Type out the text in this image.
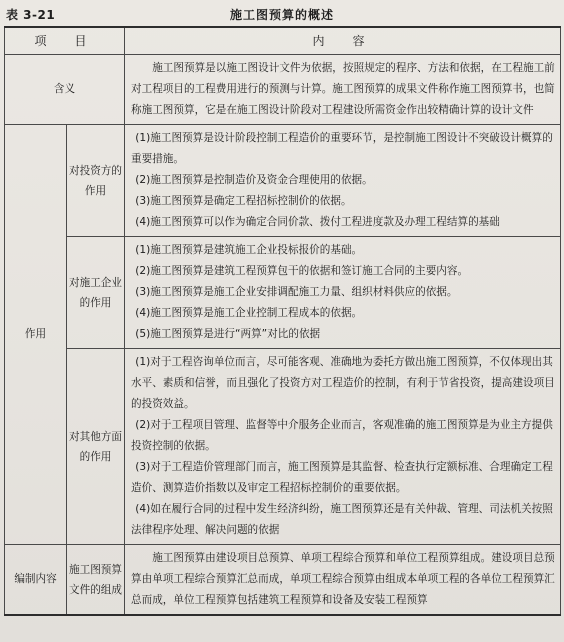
表 3-21	施工图预算的概述
项　目		内　容
含义		施工图预算是以施工图设计文件为依据，按照规定的程序、方法和依据，在工程施工前对工程项目的工程费用进行的预测与计算。施工图预算的成果文件称作施工图预算书，也简称施工图预算，它是在施工图设计阶段对工程建设所需资金作出较精确计算的设计文件

作用	对投资方的作用	(1)施工图预算是设计阶段控制工程造价的重要环节，是控制施工图设计不突破设计概算的重要措施。

(2)施工图预算是控制造价及资金合理使用的依据。

(3)施工图预算是确定工程招标控制价的依据。

(4)施工图预算可以作为确定合同价款、拨付工程进度款及办理工程结算的基础

	对施工企业的作用	(1)施工图预算是建筑施工企业投标报价的基础。

(2)施工图预算是建筑工程预算包干的依据和签订施工合同的主要内容。

(3)施工图预算是施工企业安排调配施工力量、组织材料供应的依据。

(4)施工图预算是施工企业控制工程成本的依据。

(5)施工图预算是进行“两算”对比的依据

	对其他方面的作用	(1)对于工程咨询单位而言，尽可能客观、准确地为委托方做出施工图预算，不仅体现出其水平、素质和信誉，而且强化了投资方对工程造价的控制，有利于节省投资，提高建设项目的投资效益。

(2)对于工程项目管理、监督等中介服务企业而言，客观准确的施工图预算是为业主方提供投资控制的依据。

(3)对于工程造价管理部门而言，施工图预算是其监督、检查执行定额标准、合理确定工程造价、测算造价指数以及审定工程招标控制价的重要依据。

(4)如在履行合同的过程中发生经济纠纷，施工图预算还是有关仲裁、管理、司法机关按照法律程序处理、解决问题的依据

编制内容	施工图预算文件的组成	施工图预算由建设项目总预算、单项工程综合预算和单位工程预算组成。建设项目总预算由单项工程综合预算汇总而成，单项工程综合预算由组成本单项工程的各单位工程预算汇总而成，单位工程预算包括建筑工程预算和设备及安装工程预算
